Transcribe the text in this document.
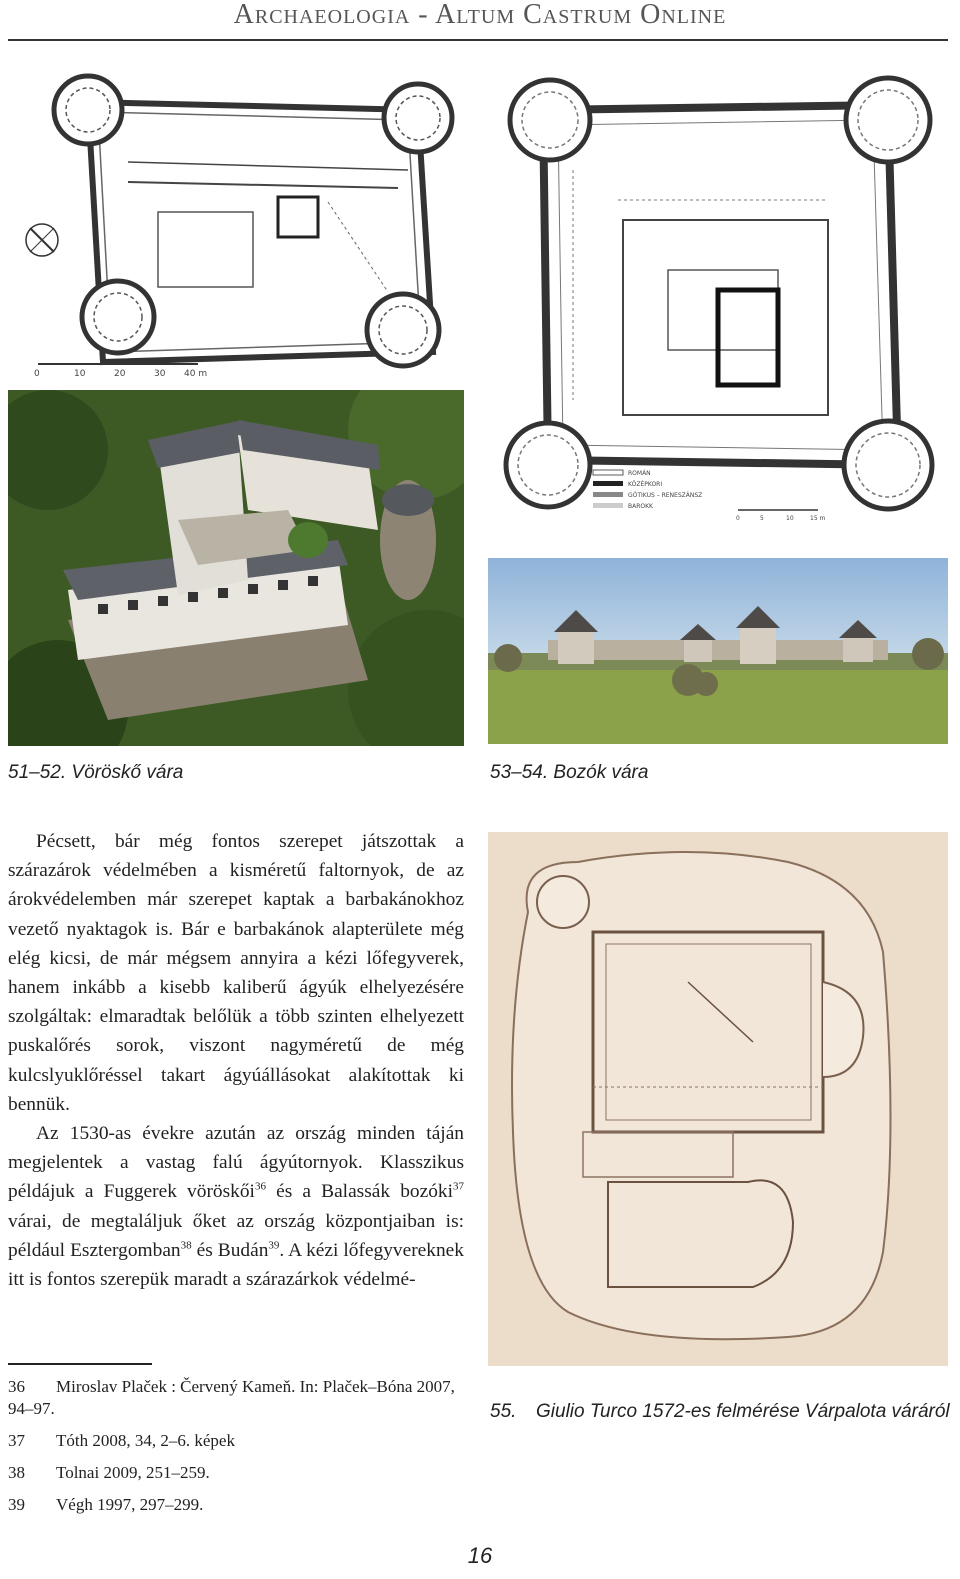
Archaeologia - Altum Castrum Online
0	10	20	30 40 m
51–52. Vöröskő vára
ROMÁN
KÖZÉPKORI
GÓTIKUS – RENESZÁNSZ
BAROKK
0	5	10	15 m
53–54. Bozók vára

Pécsett, bár még fontos szerepet játszottak a szárazárok védelmében a kisméretű faltornyok, de az árokvédelemben már szerepet kaptak a barbakánokhoz vezető nyaktagok is. Bár e barbakánok alapterülete még elég kicsi, de már mégsem annyira a kézi lőfegyverek, hanem inkább a kisebb kaliberű ágyúk elhelyezésére szolgáltak: elmaradtak belőlük a több szinten elhelyezett puskalőrés sorok, viszont nagyméretű de még kulcslyuklőréssel takart ágyúállásokat alakítottak ki bennük.

Az 1530-as évekre azután az ország minden táján megjelentek a vastag falú ágyútornyok. Klasszikus példájuk a Fuggerek vöröskői$^{36}$ és a Balassák bozóki$^{37}$ várai, de megtaláljuk őket az ország központjaiban is: például Esztergomban$^{38}$ és Budán$^{39}$. A kézi lőfegyvereknek itt is fontos szerepük maradt a szárazárkok védelmé-

55. Giulio Turco 1572-es felmérése Várpalota váráról
36 Miroslav Plaček : Červený Kameň. In: Plaček–Bóna 2007, 94–97.
37 Tóth 2008, 34, 2–6. képek
38 Tolnai 2009, 251–259.
39 Végh 1997, 297–299.
16
